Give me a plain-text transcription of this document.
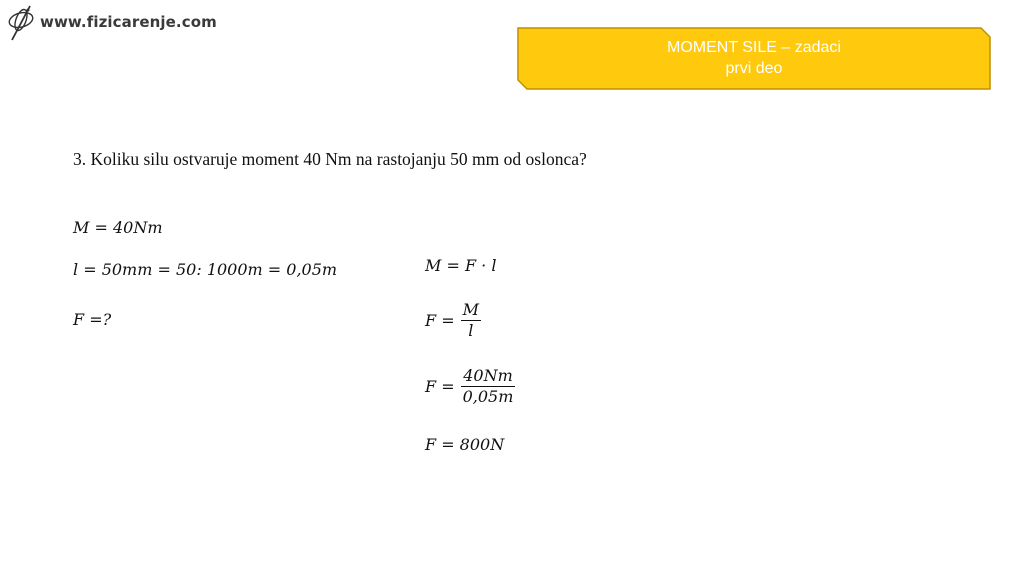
www.fizicarenje.com
MOMENT SILE – zadaci
prvi deo
3. Koliku silu ostvaruje moment 40 Nm na rastojanju 50 mm od oslonca?
M = 40Nm
l = 50mm = 50: 1000m = 0,05m
F =?
M = F · l
$F = \frac{M}{l}$
$F = \frac{40Nm}{0,05m}$
F = 800N
